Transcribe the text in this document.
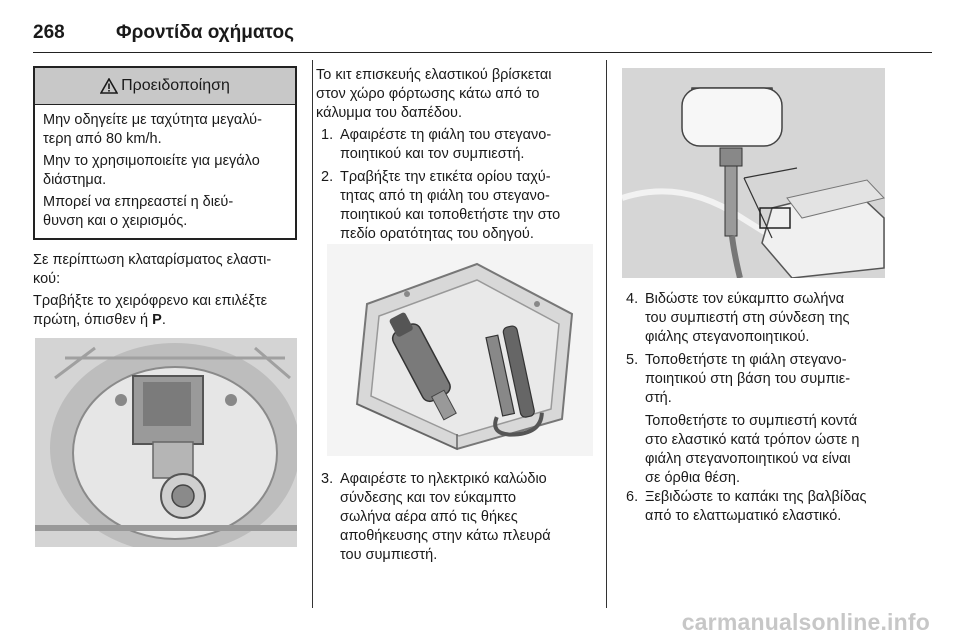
268	Φροντίδα οχήματος
Προειδοποίηση

Μην οδηγείτε με ταχύτητα μεγαλύ-
τερη από 80 km/h.

Μην το χρησιμοποιείτε για μεγάλο
διάστημα.

Μπορεί να επηρεαστεί η διεύ-
θυνση και ο χειρισμός.

Σε περίπτωση κλαταρίσματος ελαστι-
κού:

Τραβήξτε το χειρόφρενο και επιλέξτε
πρώτη, όπισθεν ή P.

Το κιτ επισκευής ελαστικού βρίσκεται
στον χώρο φόρτωσης κάτω από το
κάλυμμα του δαπέδου.

1. Αφαιρέστε τη φιάλη του στεγανο-
ποιητικού και τον συμπιεστή.
2. Τραβήξτε την ετικέτα ορίου ταχύ-
τητας από τη φιάλη του στεγανο-
ποιητικού και τοποθετήστε την στο
πεδίο ορατότητας του οδηγού.
3. Αφαιρέστε το ηλεκτρικό καλώδιο
σύνδεσης και τον εύκαμπτο
σωλήνα αέρα από τις θήκες
αποθήκευσης στην κάτω πλευρά
του συμπιεστή.
4. Βιδώστε τον εύκαμπτο σωλήνα
του συμπιεστή στη σύνδεση της
φιάλης στεγανοποιητικού.
5. Τοποθετήστε τη φιάλη στεγανο-
ποιητικού στη βάση του συμπιε-
στή.
Τοποθετήστε το συμπιεστή κοντά
στο ελαστικό κατά τρόπον ώστε η
φιάλη στεγανοποιητικού να είναι
σε όρθια θέση.
6. Ξεβιδώστε το καπάκι της βαλβίδας
από το ελαττωματικό ελαστικό.
carmanualsonline.info
